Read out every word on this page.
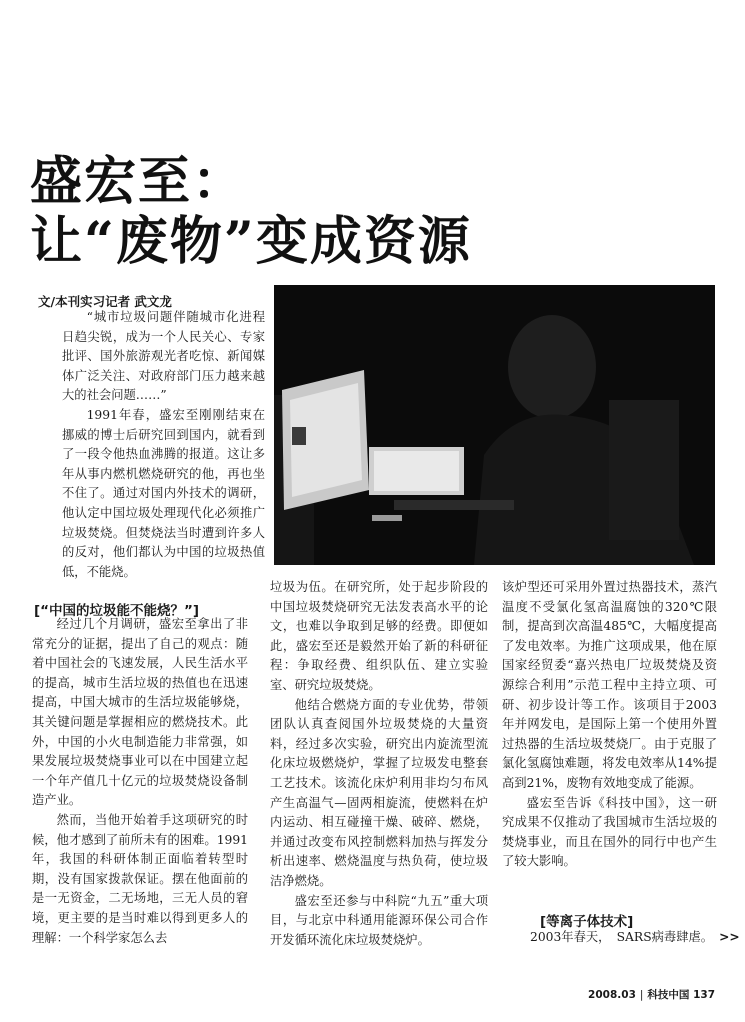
盛宏至：
让“废物”变成资源
文/本刊实习记者 武文龙

“城市垃圾问题伴随城市化进程日趋尖锐，成为一个人民关心、专家批评、国外旅游观光者吃惊、新闻媒体广泛关注、对政府部门压力越来越大的社会问题……”

1991年春，盛宏至刚刚结束在挪威的博士后研究回到国内，就看到了一段令他热血沸腾的报道。这让多年从事内燃机燃烧研究的他，再也坐不住了。通过对国内外技术的调研，他认定中国垃圾处理现代化必须推广垃圾焚烧。但焚烧法当时遭到许多人的反对，他们都认为中国的垃圾热值低，不能烧。

[“中国的垃圾能不能烧？”]

经过几个月调研，盛宏至拿出了非常充分的证据，提出了自己的观点：随着中国社会的飞速发展，人民生活水平的提高，城市生活垃圾的热值也在迅速提高，中国大城市的生活垃圾能够烧，其关键问题是掌握相应的燃烧技术。此外，中国的小火电制造能力非常强，如果发展垃圾焚烧事业可以在中国建立起一个年产值几十亿元的垃圾焚烧设备制造产业。

然而，当他开始着手这项研究的时候，他才感到了前所未有的困难。1991年，我国的科研体制正面临着转型时期，没有国家拨款保证。摆在他面前的是一无资金，二无场地，三无人员的窘境，更主要的是当时难以得到更多人的理解：一个科学家怎么去

垃圾为伍。在研究所，处于起步阶段的中国垃圾焚烧研究无法发表高水平的论文，也难以争取到足够的经费。即便如此，盛宏至还是毅然开始了新的科研征程：争取经费、组织队伍、建立实验室、研究垃圾焚烧。

他结合燃烧方面的专业优势，带领团队认真查阅国外垃圾焚烧的大量资料，经过多次实验，研究出内旋流型流化床垃圾燃烧炉，掌握了垃圾发电整套工艺技术。该流化床炉利用非均匀布风产生高温气—固两相旋流，使燃料在炉内运动、相互碰撞干燥、破碎、燃烧，并通过改变布风控制燃料加热与挥发分析出速率、燃烧温度与热负荷，使垃圾洁净燃烧。

盛宏至还参与中科院“九五”重大项目，与北京中科通用能源环保公司合作开发循环流化床垃圾焚烧炉。

该炉型还可采用外置过热器技术，蒸汽温度不受氯化氢高温腐蚀的320℃限制，提高到次高温485℃，大幅度提高了发电效率。为推广这项成果，他在原国家经贸委“嘉兴热电厂垃圾焚烧及资源综合利用”示范工程中主持立项、可研、初步设计等工作。该项目于2003年并网发电，是国际上第一个使用外置过热器的生活垃圾焚烧厂。由于克服了氯化氢腐蚀难题，将发电效率从14%提高到21%，废物有效地变成了能源。

盛宏至告诉《科技中国》，这一研究成果不仅推动了我国城市生活垃圾的焚烧事业，而且在国外的同行中也产生了较大影响。

[等离子体技术]
2003年春天，　SARS病毒肆虐。 >>
2008.03 | 科技中国 137
